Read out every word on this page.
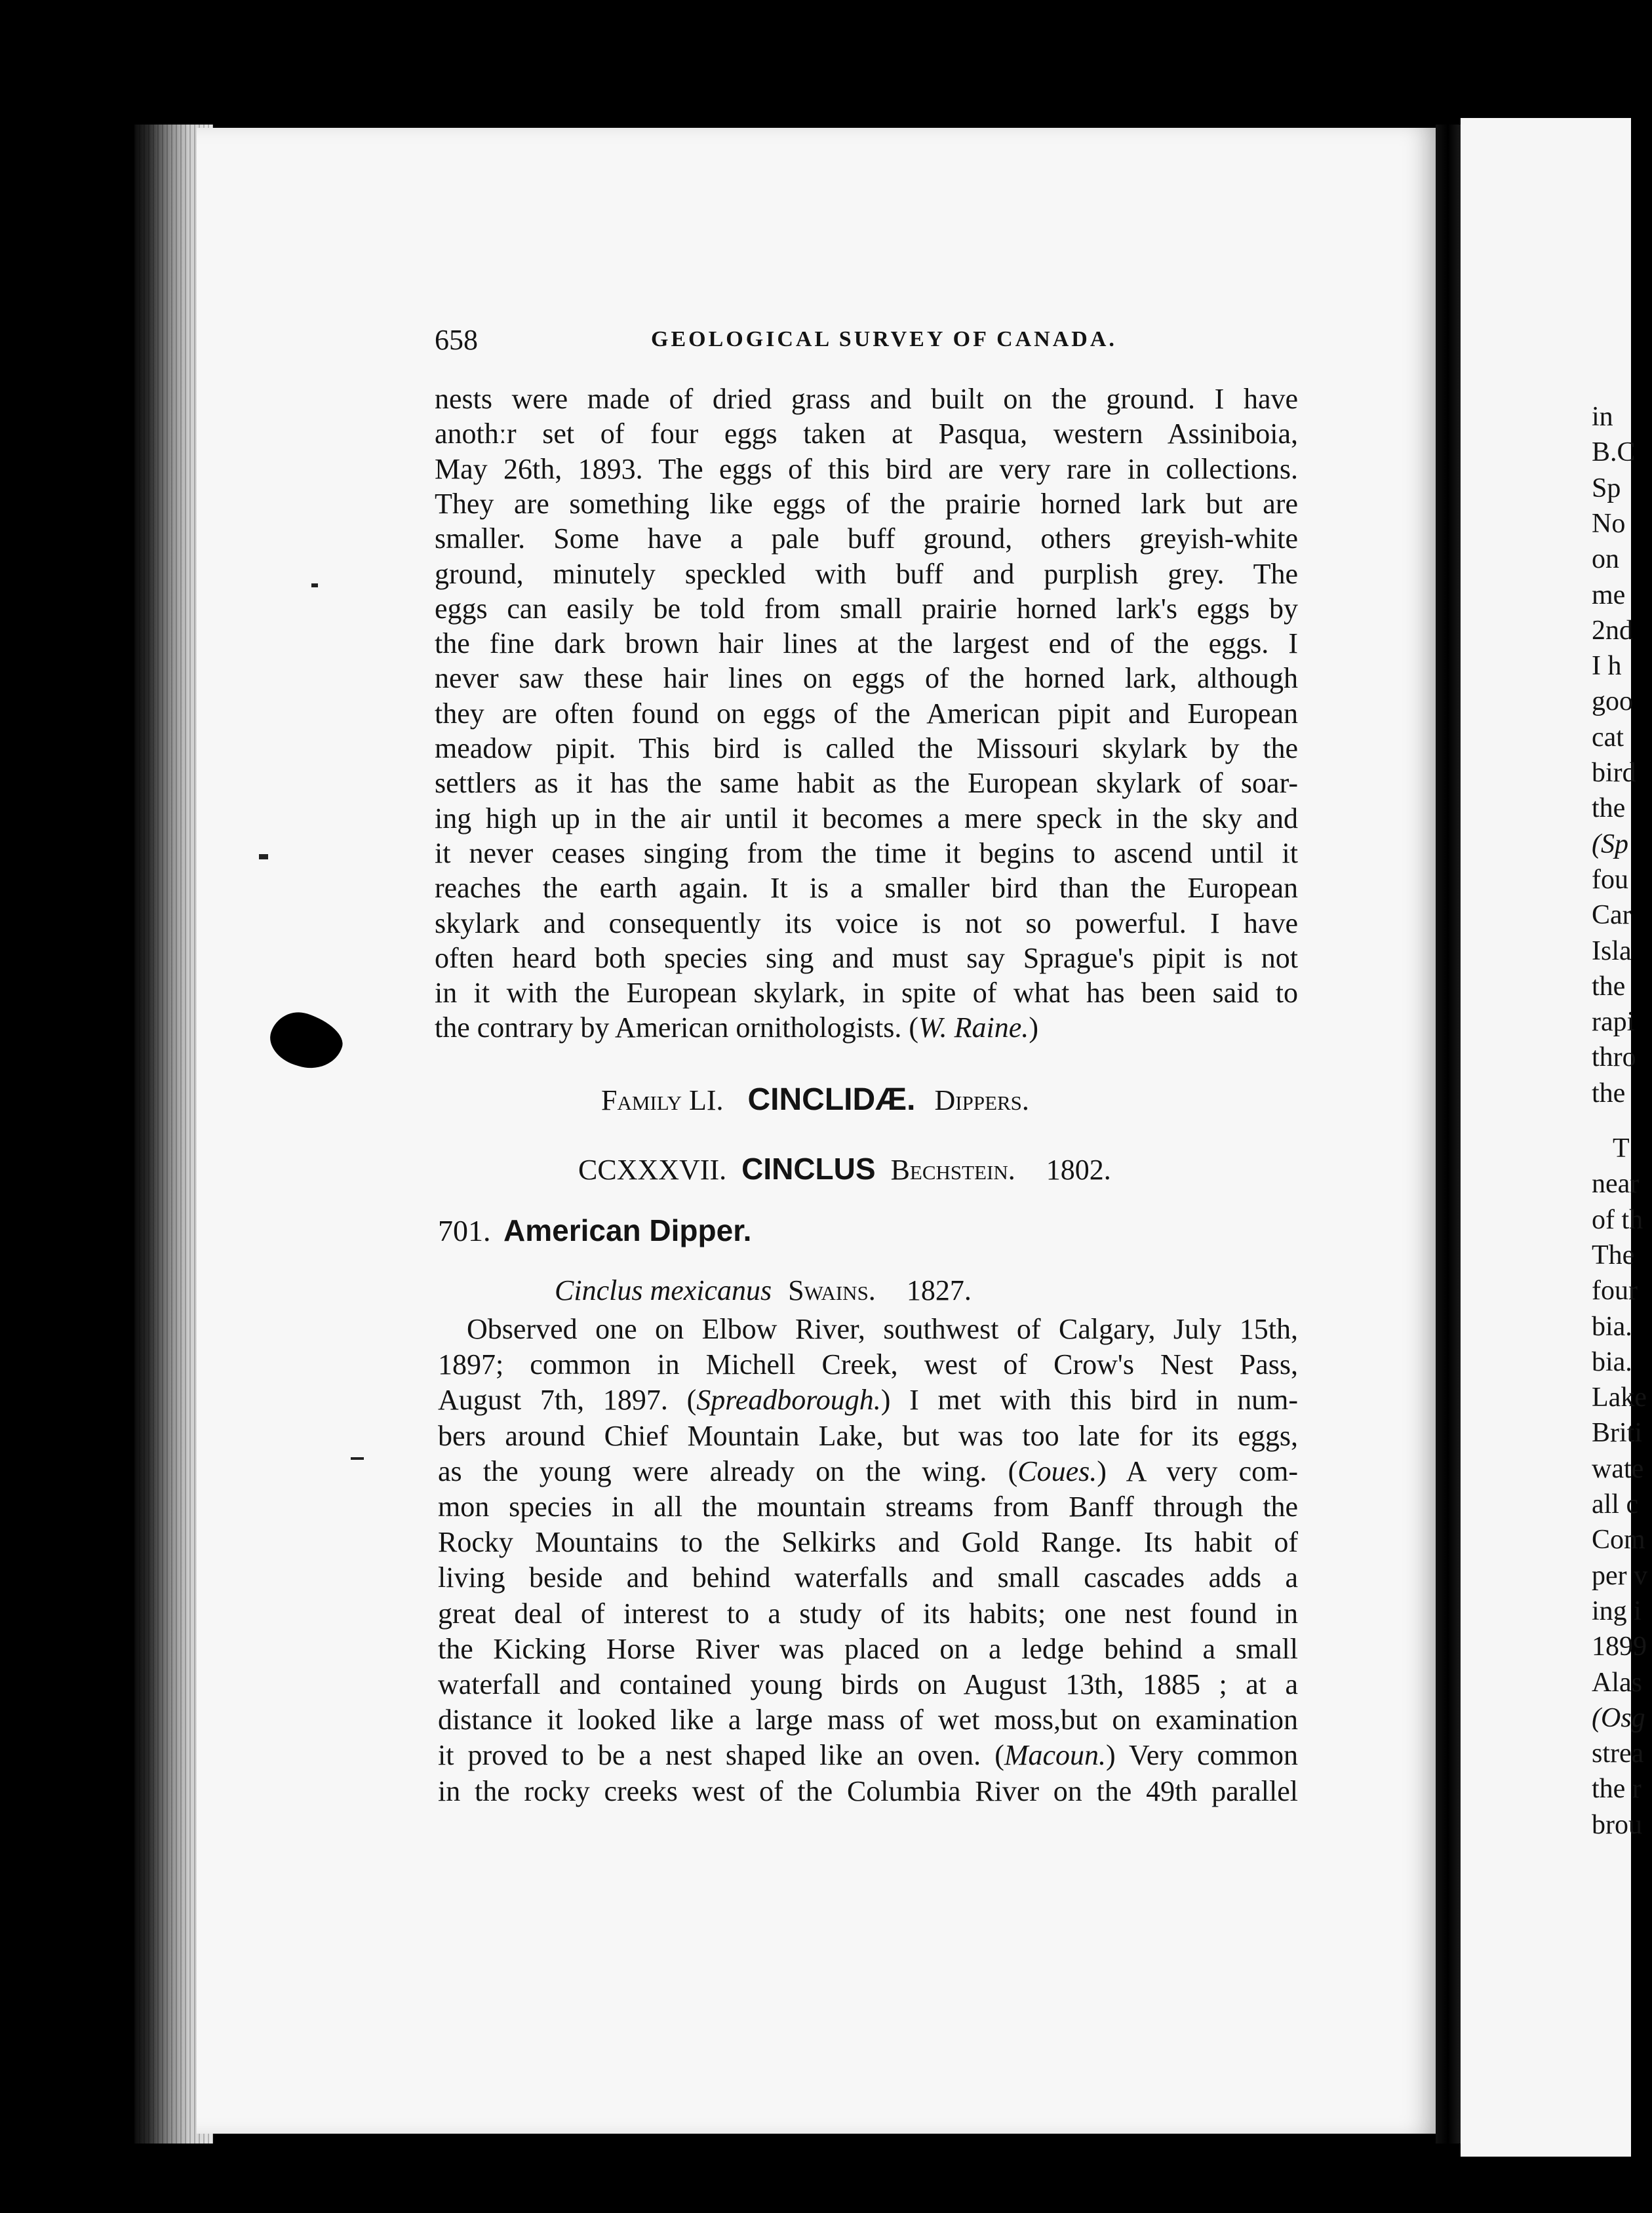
658	GEOLOGICAL SURVEY OF CANADA.
nests were made of dried grass and built on the ground. I have
anothːr set of four eggs taken at Pasqua, western Assiniboia,
May 26th, 1893. The eggs of this bird are very rare in collections.
They are something like eggs of the prairie horned lark but are
smaller. Some have a pale buff ground, others greyish-white
ground, minutely speckled with buff and purplish grey. The
eggs can easily be told from small prairie horned lark's eggs by
the fine dark brown hair lines at the largest end of the eggs. I
never saw these hair lines on eggs of the horned lark, although
they are often found on eggs of the American pipit and European
meadow pipit. This bird is called the Missouri skylark by the
settlers as it has the same habit as the European skylark of soar-
ing high up in the air until it becomes a mere speck in the sky and
it never ceases singing from the time it begins to ascend until it
reaches the earth again. It is a smaller bird than the European
skylark and consequently its voice is not so powerful. I have
often heard both species sing and must say Sprague's pipit is not
in it with the European skylark, in spite of what has been said to
the contrary by American ornithologists. (W. Raine.)
Family LI. CINCLIDÆ. Dippers.
CCXXXVII. CINCLUS Bechstein. 1802.
701. American Dipper.
Cinclus mexicanus Swains. 1827.
Observed one on Elbow River, southwest of Calgary, July 15th,
1897; common in Michell Creek, west of Crow's Nest Pass,
August 7th, 1897. (Spreadborough.) I met with this bird in num-
bers around Chief Mountain Lake, but was too late for its eggs,
as the young were already on the wing. (Coues.) A very com-
mon species in all the mountain streams from Banff through the
Rocky Mountains to the Selkirks and Gold Range. Its habit of
living beside and behind waterfalls and small cascades adds a
great deal of interest to a study of its habits; one nest found in
the Kicking Horse River was placed on a ledge behind a small
waterfall and contained young birds on August 13th, 1885 ; at a
distance it looked like a large mass of wet moss,but on examination
it proved to be a nest shaped like an oven. (Macoun.) Very common
in the rocky creeks west of the Columbia River on the 49th parallel
in
B.C
Sp
No
on
me
2nd
I h
goo
cat
bird
the
(Sp
fou
Car
Isla
the
rapi
thro
the
T
near
of th
The
four
bia.
bia.
Lake
Briti
wate
all c
Com
per v
ing i
1899
Alas
(Osg
strea
the r
brou
